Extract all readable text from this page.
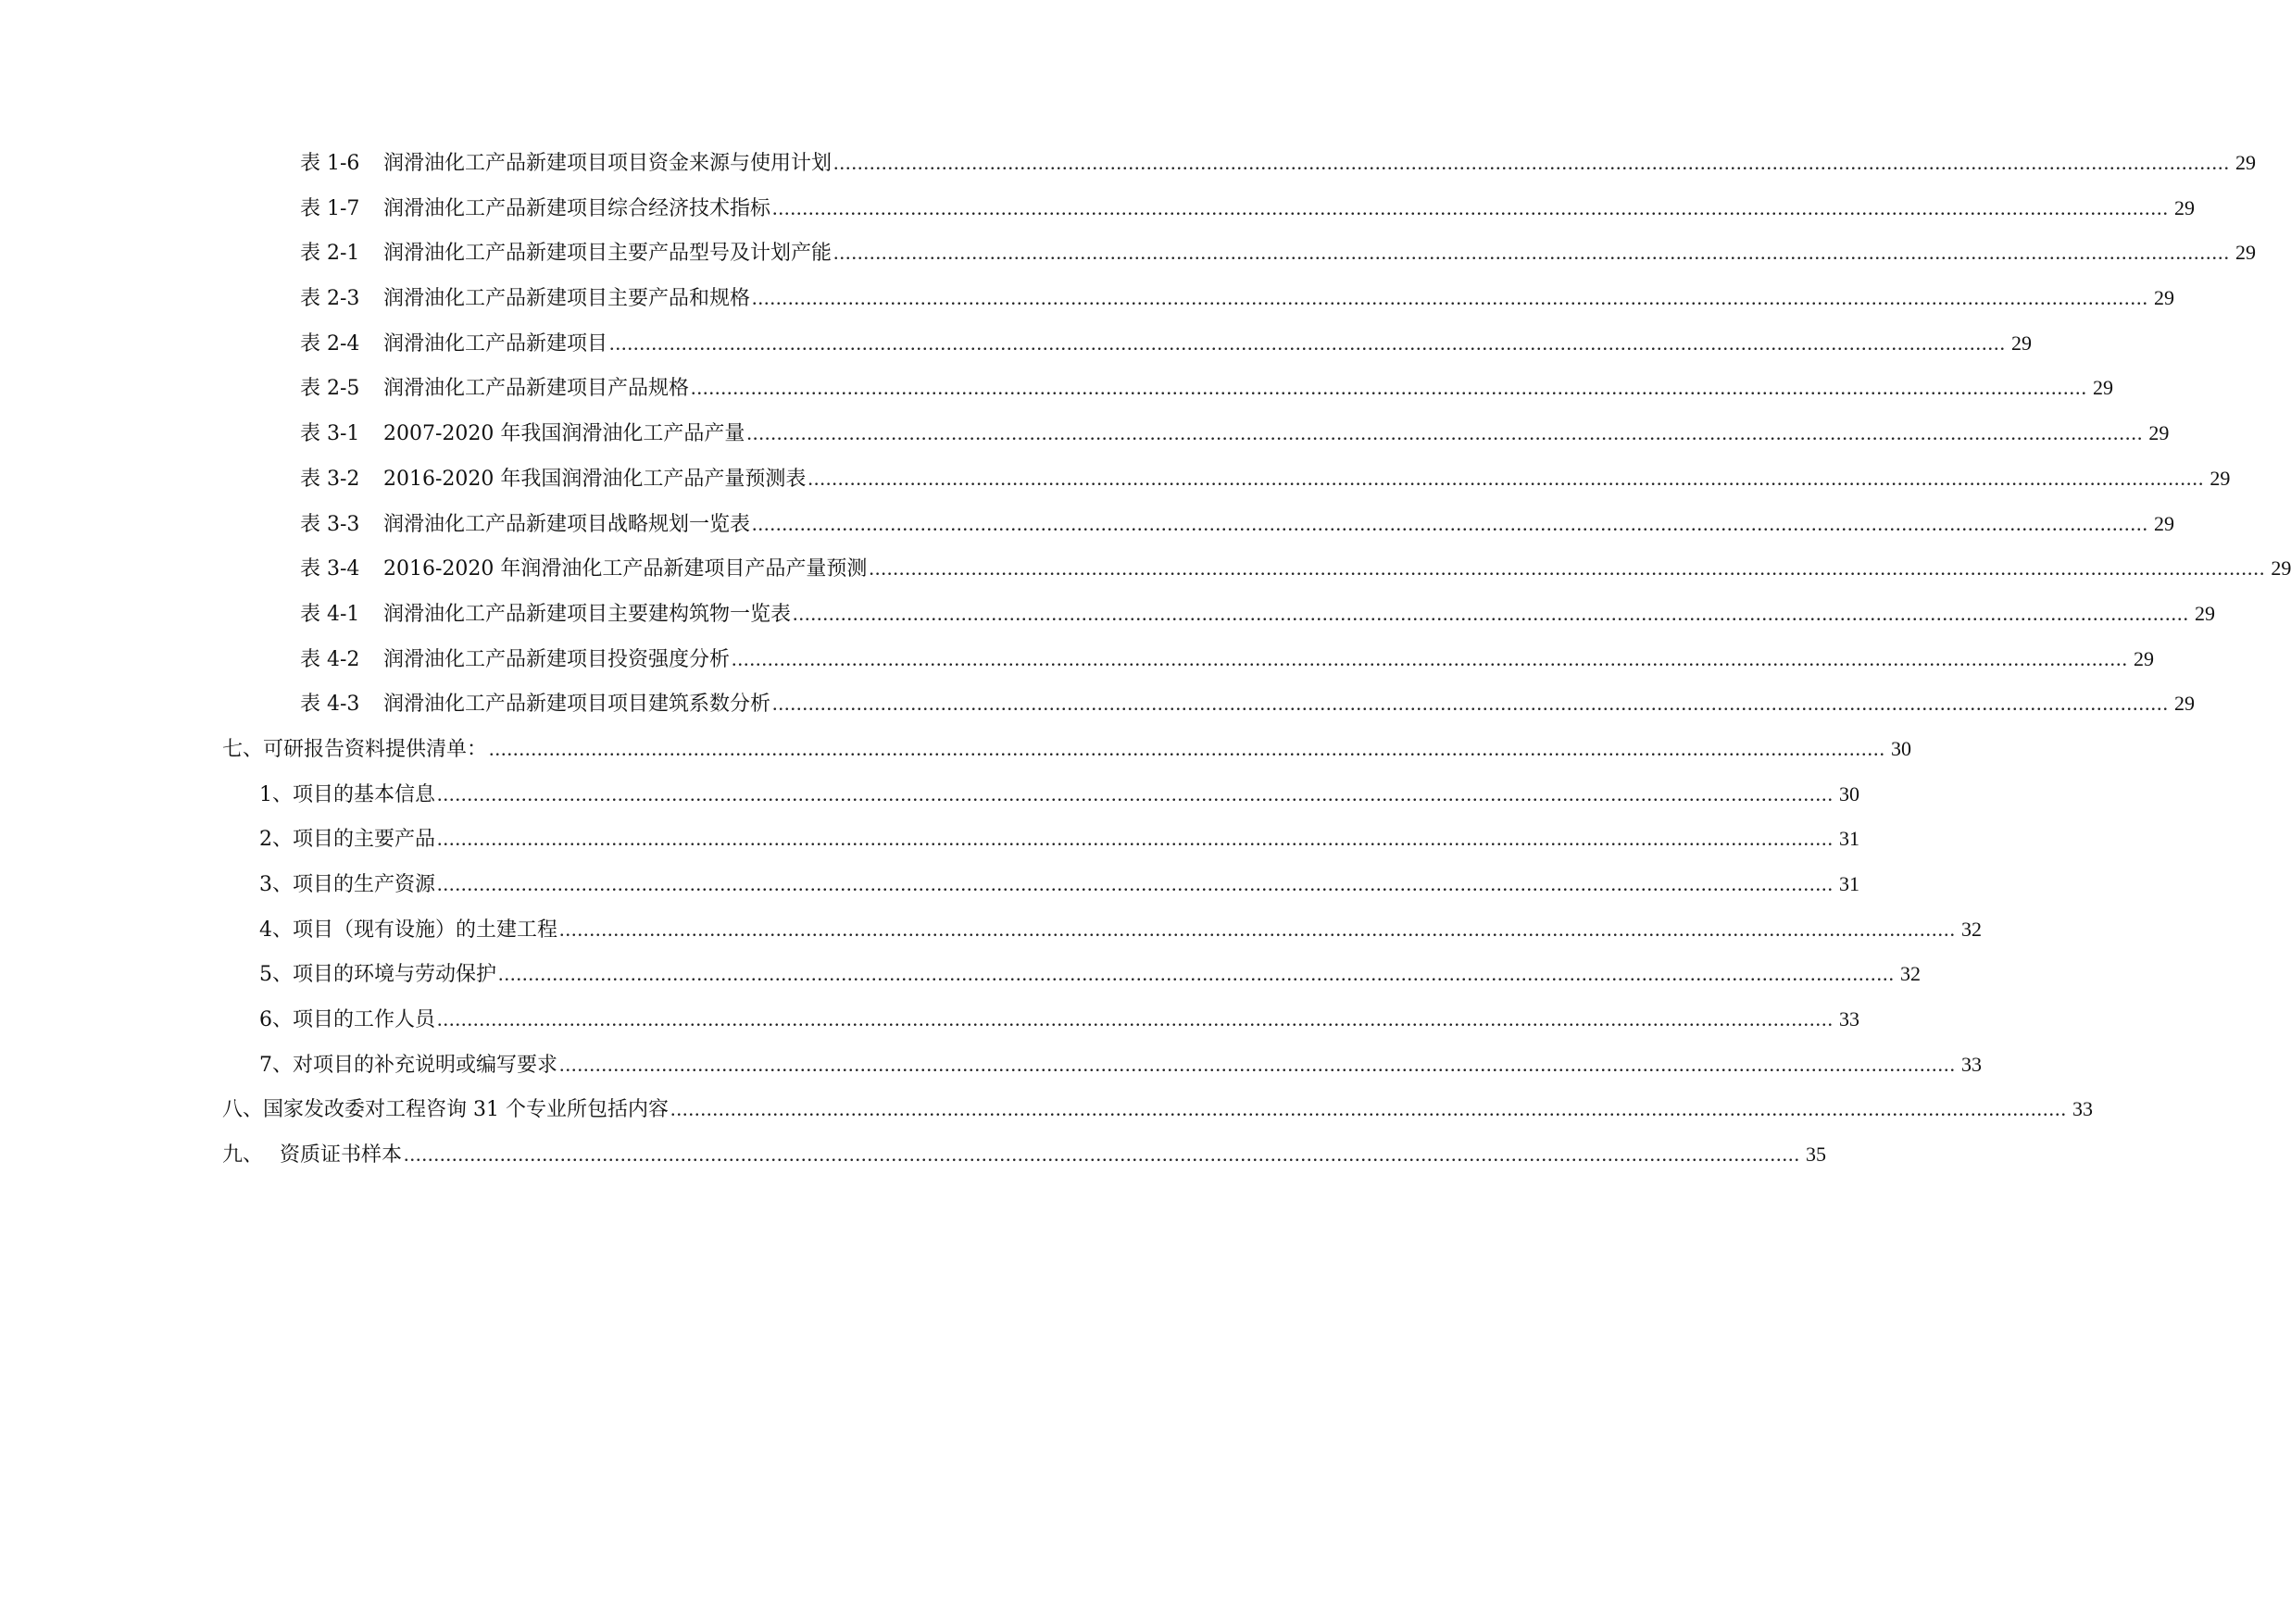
表 1-6	润滑油化工产品新建项目项目资金来源与使用计划 .....	29
表 1-7	润滑油化工产品新建项目综合经济技术指标 .....	29
表 2-1	润滑油化工产品新建项目主要产品型号及计划产能 .....	29
表 2-3	润滑油化工产品新建项目主要产品和规格 .....	29
表 2-4	润滑油化工产品新建项目 .....	29
表 2-5	润滑油化工产品新建项目产品规格 .....	29
表 3-1	2007-2020 年我国润滑油化工产品产量 .....	29
表 3-2	2016-2020 年我国润滑油化工产品产量预测表 .....	29
表 3-3	润滑油化工产品新建项目战略规划一览表 .....	29
表 3-4	2016-2020 年润滑油化工产品新建项目产品产量预测 .....	29
表 4-1	润滑油化工产品新建项目主要建构筑物一览表 .....	29
表 4-2	润滑油化工产品新建项目投资强度分析 .....	29
表 4-3	润滑油化工产品新建项目项目建筑系数分析 .....	29
七、 可研报告资料提供清单： .....	30
1、 项目的基本信息 .....	30
2、 项目的主要产品 .....	31
3、 项目的生产资源 .....	31
4、 项目（现有设施）的土建工程 .....	32
5、 项目的环境与劳动保护 .....	32
6、 项目的工作人员 .....	33
7、 对项目的补充说明或编写要求 .....	33
八、 国家发改委对工程咨询 31 个专业所包括内容 .....	33
九、 资质证书样本 .....	35
